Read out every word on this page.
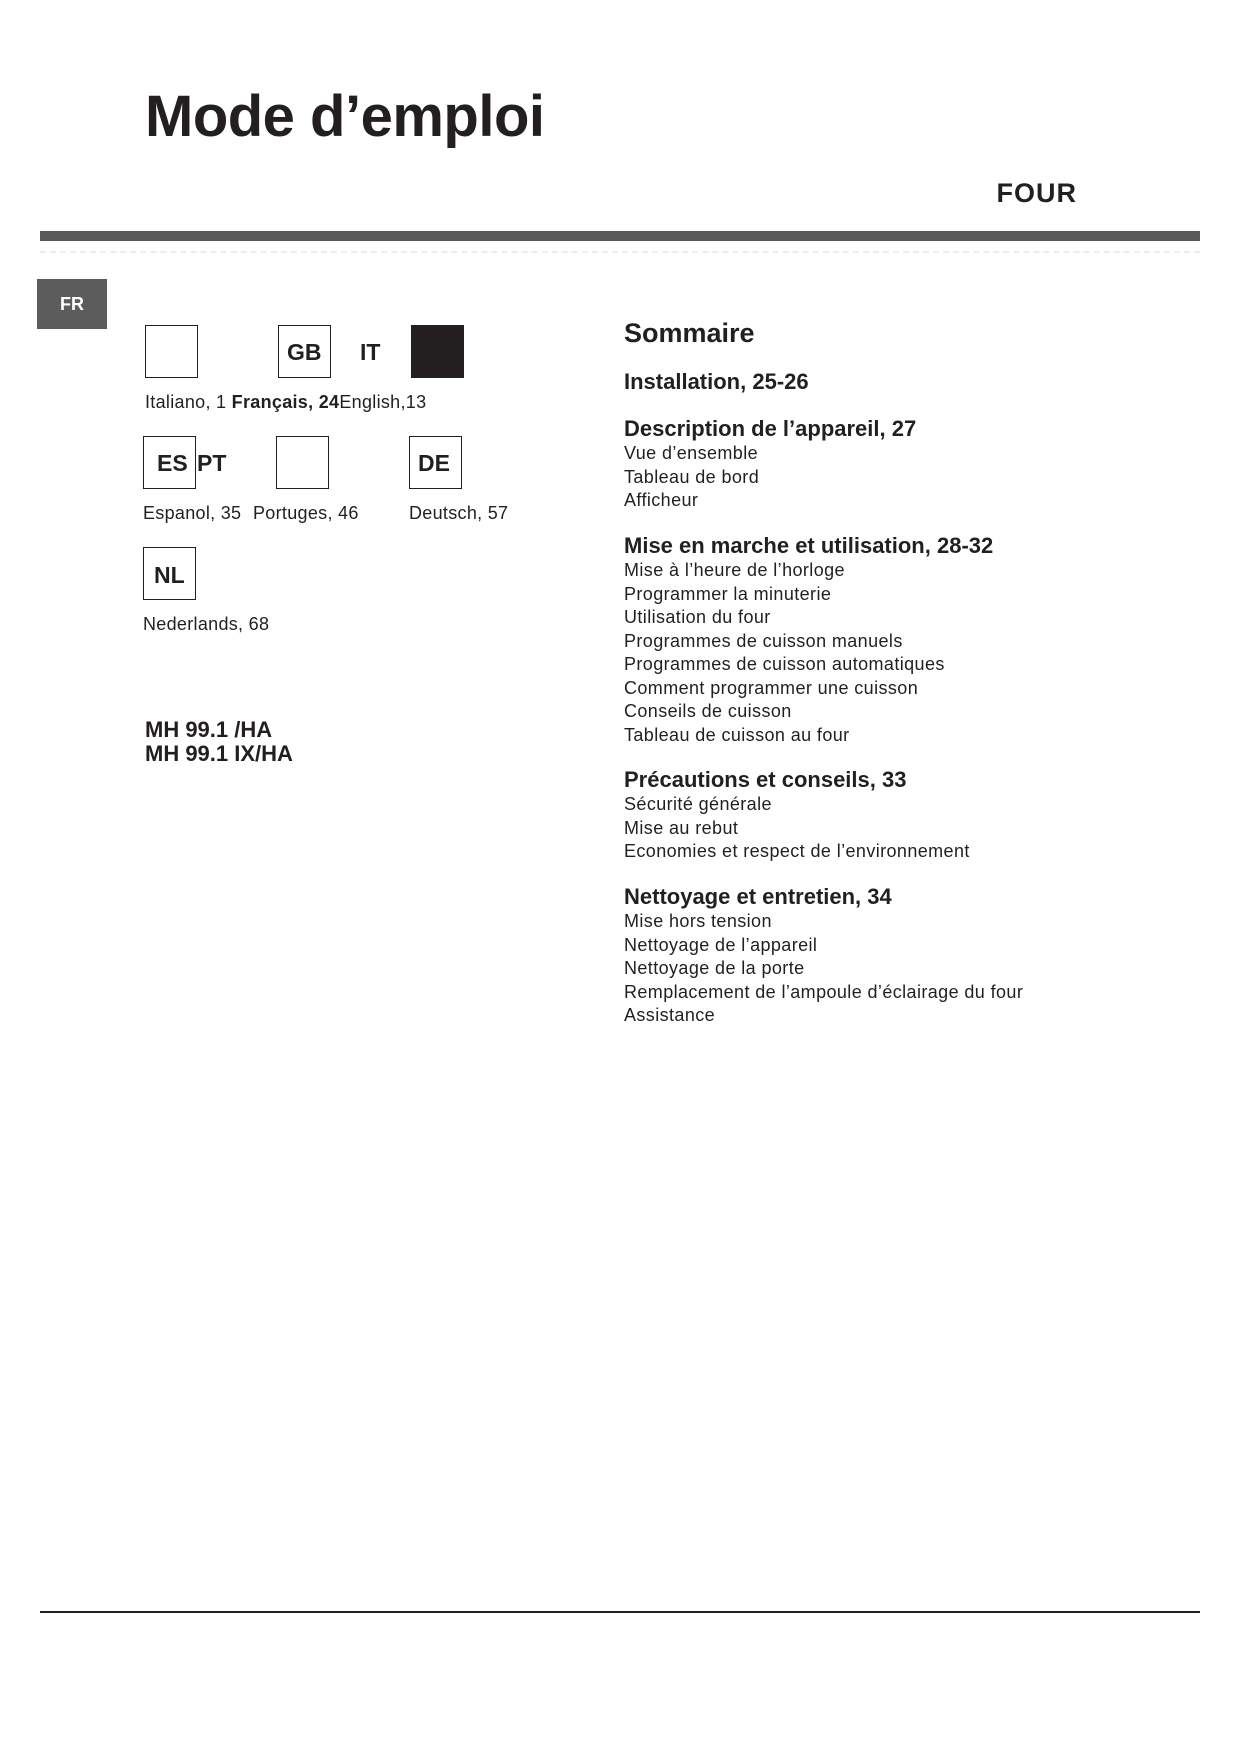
Mode d’emploi
FOUR
FR
GB IT
Italiano, 1 Français, 24English,13
ES PT	DE
Espanol, 35 Portuges, 46	Deutsch, 57
NL
Nederlands, 68
MH 99.1 /HA
MH 99.1 IX/HA
Sommaire

Installation, 25-26

Description de l’appareil, 27

Vue d’ensemble

Tableau de bord

Afficheur

Mise en marche et utilisation, 28-32

Mise à l’heure de l’horloge

Programmer la minuterie

Utilisation du four

Programmes de cuisson manuels

Programmes de cuisson automatiques

Comment programmer une cuisson

Conseils de cuisson

Tableau de cuisson au four

Précautions et conseils, 33

Sécurité générale

Mise au rebut

Economies et respect de l’environnement

Nettoyage et entretien, 34

Mise hors tension

Nettoyage de l’appareil

Nettoyage de la porte

Remplacement de l’ampoule d’éclairage du four

Assistance
